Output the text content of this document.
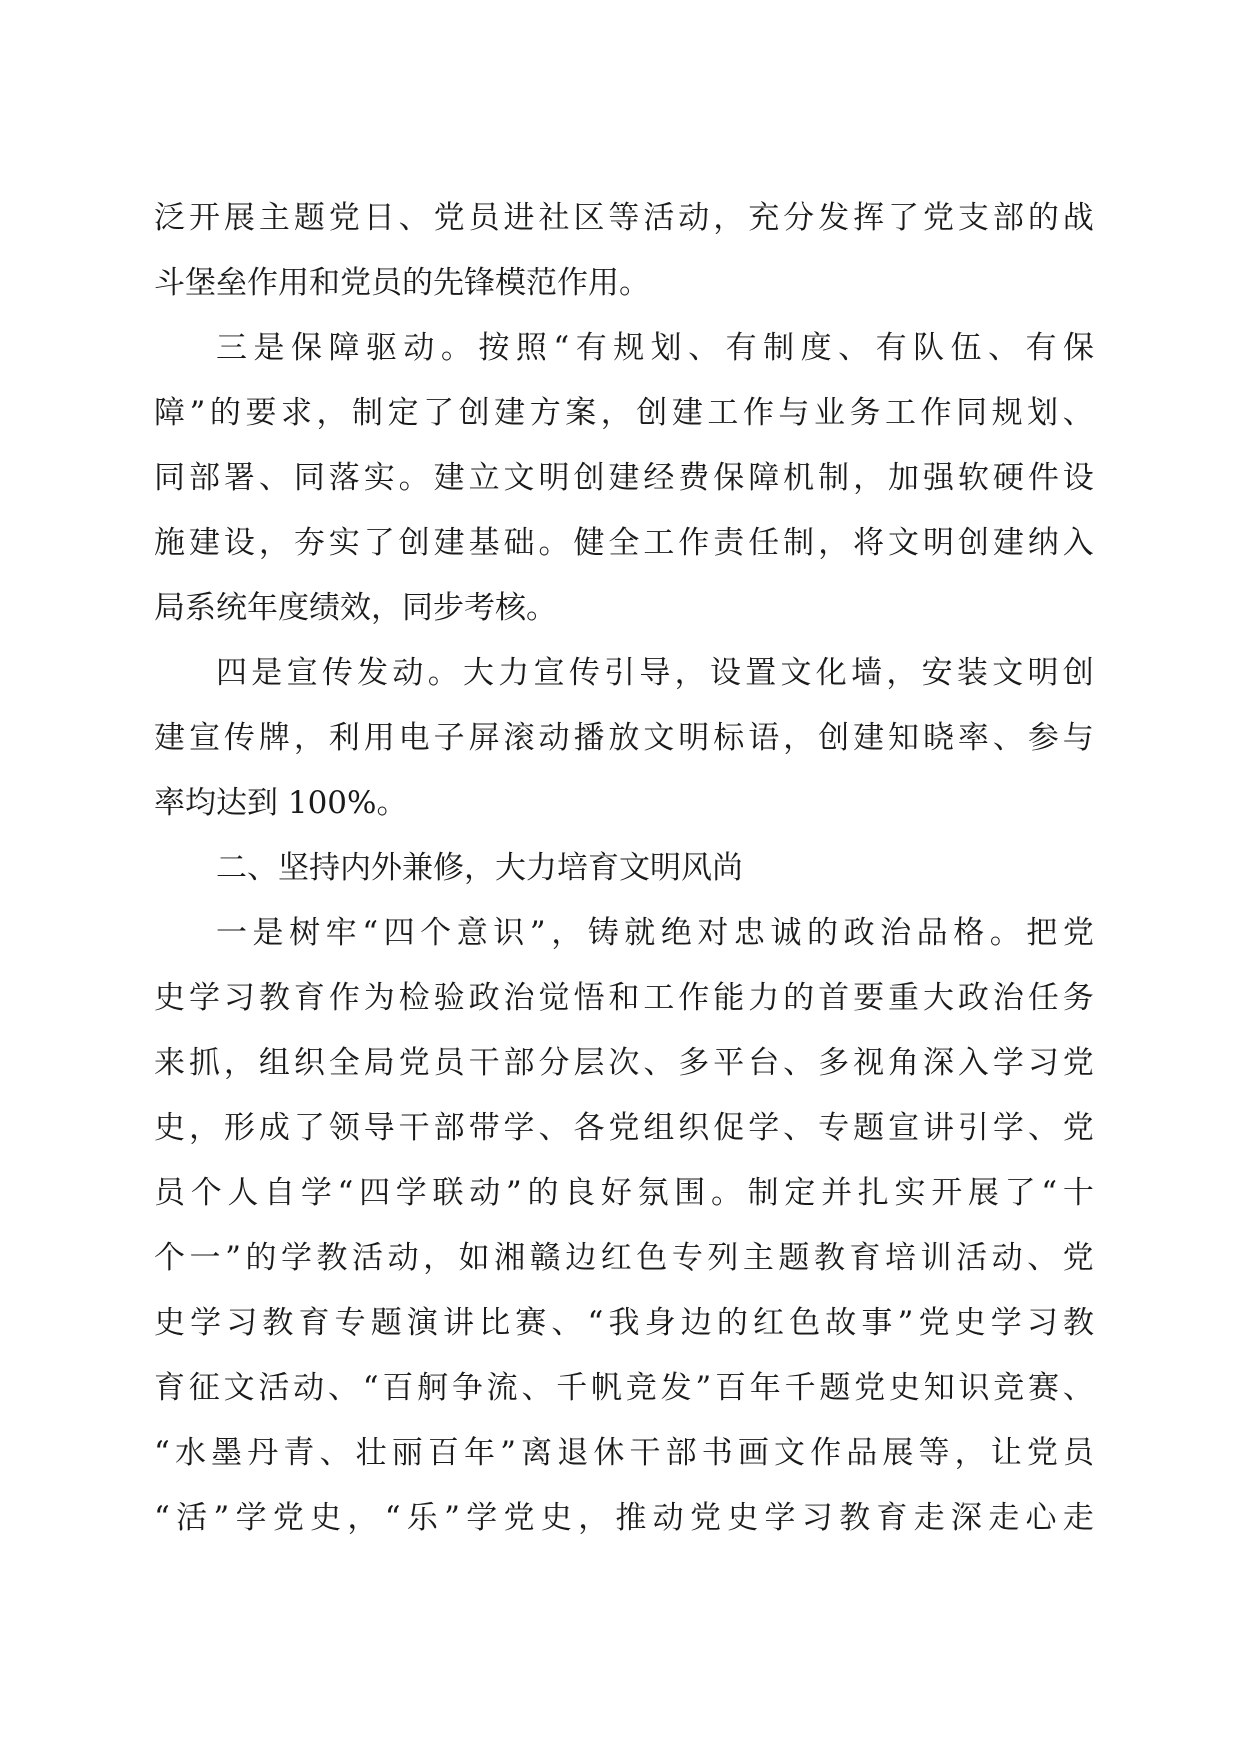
泛 开 展 主 题 党 日 、 党 员 进 社 区 等 活 动 ， 充 分 发 挥 了 党 支 部 的 战
斗堡垒作用和党员的先锋模范作用。
三 是 保 障 驱 动 。 按 照 “ 有 规 划 、 有 制 度 、 有 队 伍 、 有 保
障 ” 的 要 求 ， 制 定 了 创 建 方 案 ， 创 建 工 作 与 业 务 工 作 同 规 划 、
同 部 署 、 同 落 实 。 建 立 文 明 创 建 经 费 保 障 机 制 ， 加 强 软 硬 件 设
施 建 设 ， 夯 实 了 创 建 基 础 。 健 全 工 作 责 任 制 ， 将 文 明 创 建 纳 入
局系统年度绩效，同步考核。
四 是 宣 传 发 动 。 大 力 宣 传 引 导 ， 设 置 文 化 墙 ， 安 装 文 明 创
建 宣 传 牌 ， 利 用 电 子 屏 滚 动 播 放 文 明 标 语 ， 创 建 知 晓 率 、 参 与
率均达到 100%。
二、坚持内外兼修，大力培育文明风尚
一 是 树 牢 “ 四 个 意 识 ” ， 铸 就 绝 对 忠 诚 的 政 治 品 格 。 把 党
史 学 习 教 育 作 为 检 验 政 治 觉 悟 和 工 作 能 力 的 首 要 重 大 政 治 任 务
来 抓 ， 组 织 全 局 党 员 干 部 分 层 次 、 多 平 台 、 多 视 角 深 入 学 习 党
史 ， 形 成 了 领 导 干 部 带 学 、 各 党 组 织 促 学 、 专 题 宣 讲 引 学 、 党
员 个 人 自 学 “ 四 学 联 动 ” 的 良 好 氛 围 。 制 定 并 扎 实 开 展 了 “ 十
个 一 ” 的 学 教 活 动 ， 如 湘 赣 边 红 色 专 列 主 题 教 育 培 训 活 动 、 党
史 学 习 教 育 专 题 演 讲 比 赛 、 “ 我 身 边 的 红 色 故 事 ” 党 史 学 习 教
育 征 文 活 动 、 “ 百 舸 争 流 、 千 帆 竞 发 ” 百 年 千 题 党 史 知 识 竞 赛 、
“ 水 墨 丹 青 、 壮 丽 百 年 ” 离 退 休 干 部 书 画 文 作 品 展 等 ， 让 党 员
“ 活 ” 学 党 史 ， “ 乐 ” 学 党 史 ， 推 动 党 史 学 习 教 育 走 深 走 心 走
